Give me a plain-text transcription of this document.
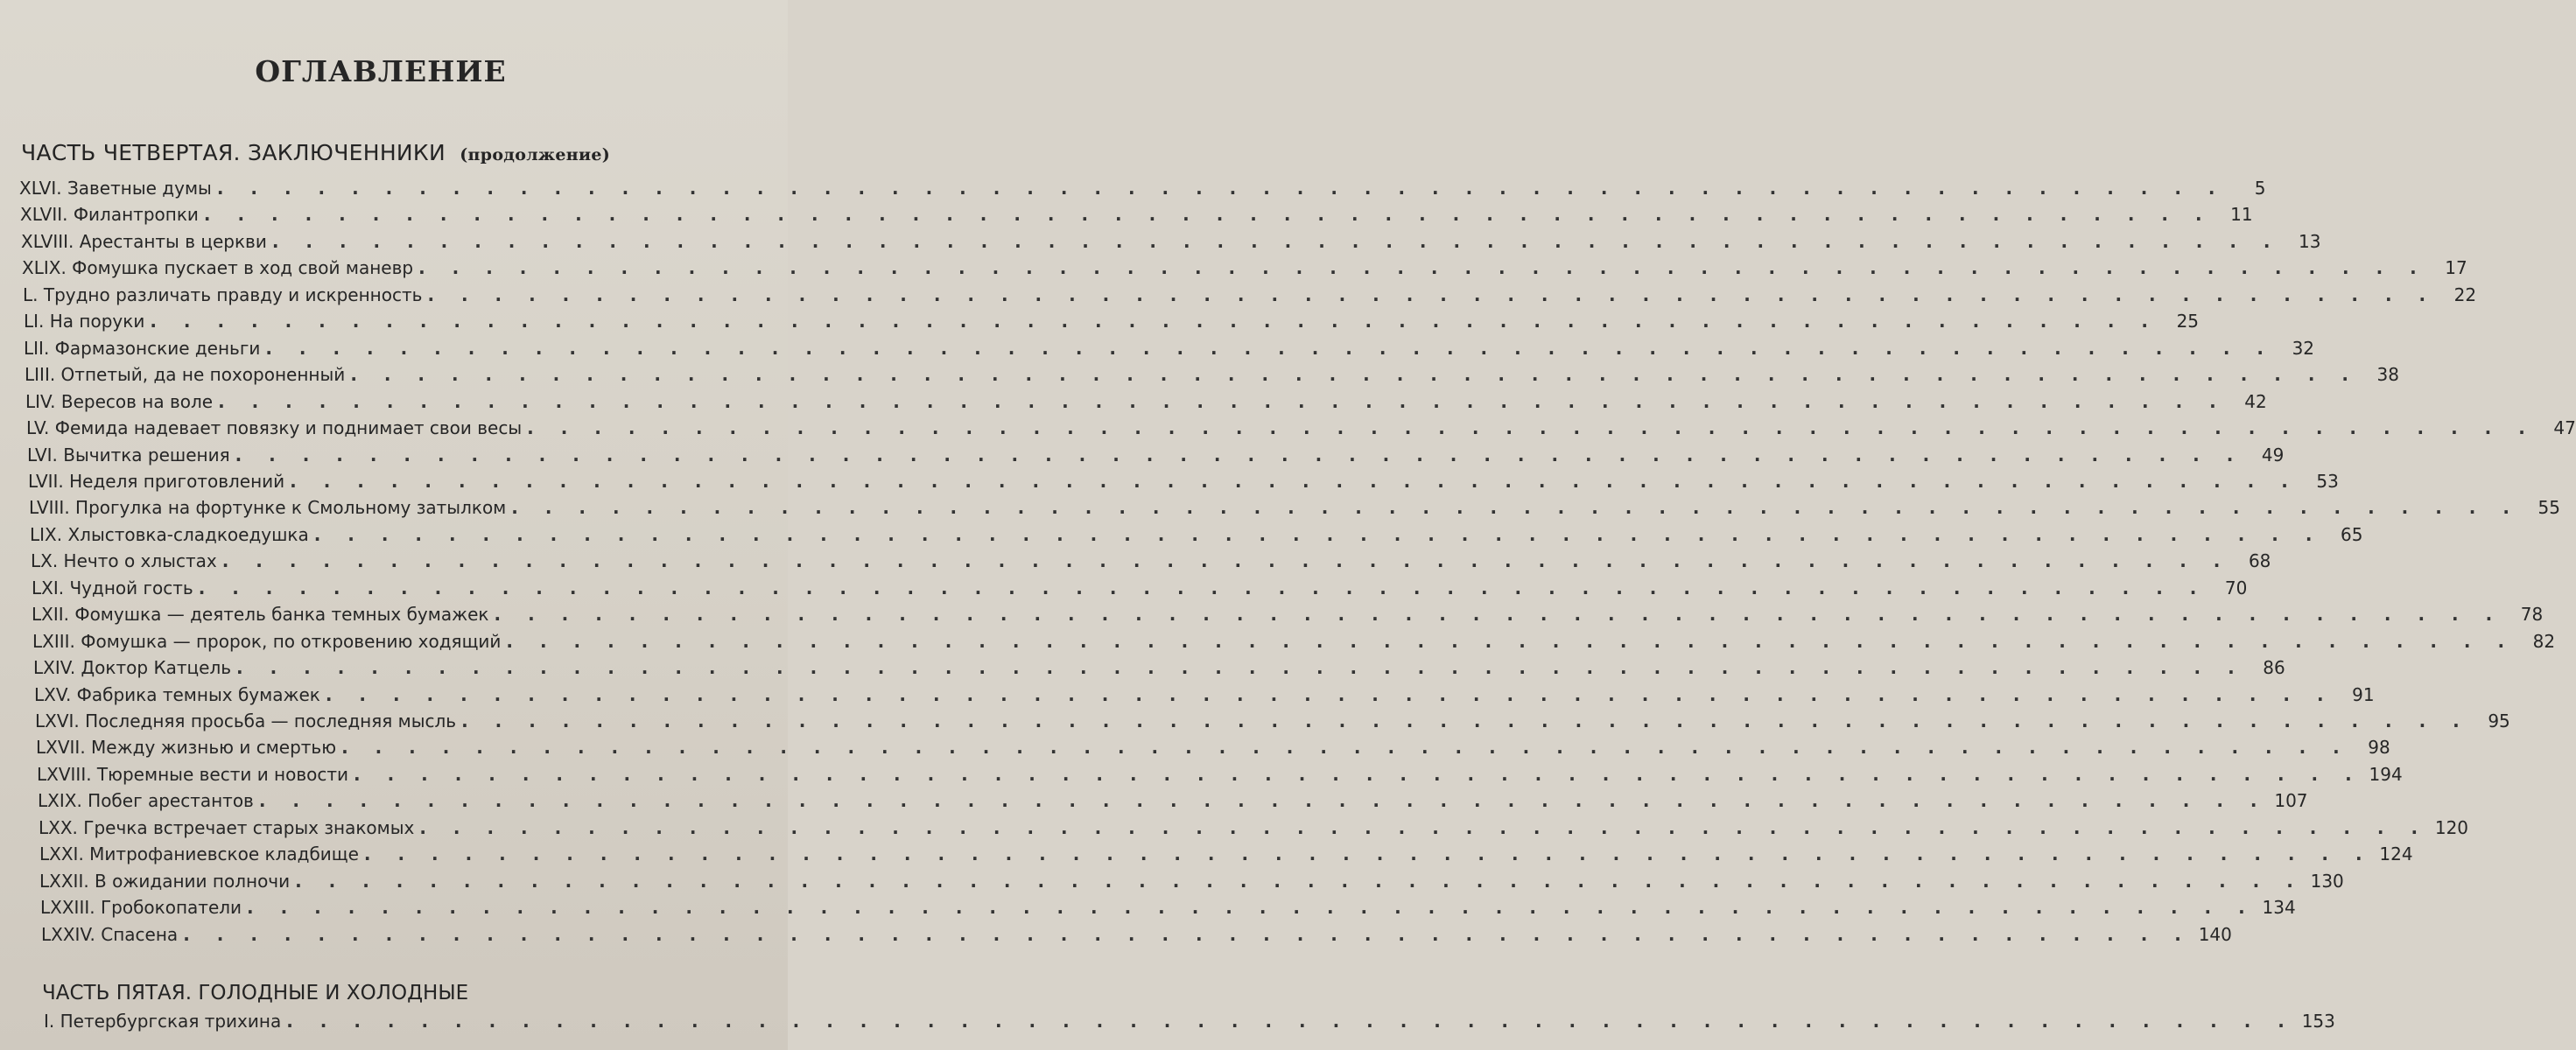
ОГЛАВЛЕНИЕ
ЧАСТЬ ЧЕТВЕРТАЯ. ЗАКЛЮЧЕННИКИ (продолжение)
XLVI. Заветные думы . . . . . . . . . . . . . . . . . . . . . . . . . . . . . . . . . . . . . . . . . . . . . . . . . . . . . . . . . . . .	5
XLVII. Филантропки . . . . . . . . . . . . . . . . . . . . . . . . . . . . . . . . . . . . . . . . . . . . . . . . . . . . . . . . . . . .	11
XLVIII. Арестанты в церкви . . . . . . . . . . . . . . . . . . . . . . . . . . . . . . . . . . . . . . . . . . . . . . . . . . . . . . . . . . . .	13
XLIX. Фомушка пускает в ход свой маневр . . . . . . . . . . . . . . . . . . . . . . . . . . . . . . . . . . . . . . . . . . . . . . . . . . . . . . . . . . . .	17
L. Трудно различать правду и искренность . . . . . . . . . . . . . . . . . . . . . . . . . . . . . . . . . . . . . . . . . . . . . . . . . . . . . . . . . . . .	22
LI. На поруки . . . . . . . . . . . . . . . . . . . . . . . . . . . . . . . . . . . . . . . . . . . . . . . . . . . . . . . . . . . .	25
LII. Фармазонские деньги . . . . . . . . . . . . . . . . . . . . . . . . . . . . . . . . . . . . . . . . . . . . . . . . . . . . . . . . . . . .	32
LIII. Отпетый, да не похороненный . . . . . . . . . . . . . . . . . . . . . . . . . . . . . . . . . . . . . . . . . . . . . . . . . . . . . . . . . . . .	38
LIV. Вересов на воле . . . . . . . . . . . . . . . . . . . . . . . . . . . . . . . . . . . . . . . . . . . . . . . . . . . . . . . . . . . .	42
LV. Фемида надевает повязку и поднимает свои весы . . . . . . . . . . . . . . . . . . . . . . . . . . . . . . . . . . . . . . . . . . . . . . . . . . . . . . . . . . . .	47
LVI. Вычитка решения . . . . . . . . . . . . . . . . . . . . . . . . . . . . . . . . . . . . . . . . . . . . . . . . . . . . . . . . . . . .	49
LVII. Неделя приготовлений . . . . . . . . . . . . . . . . . . . . . . . . . . . . . . . . . . . . . . . . . . . . . . . . . . . . . . . . . . . .	53
LVIII. Прогулка на фортунке к Смольному затылком . . . . . . . . . . . . . . . . . . . . . . . . . . . . . . . . . . . . . . . . . . . . . . . . . . . . . . . . . . . .	55
LIX. Хлыстовка-сладкоедушка . . . . . . . . . . . . . . . . . . . . . . . . . . . . . . . . . . . . . . . . . . . . . . . . . . . . . . . . . . . .	65
LX. Нечто о хлыстах . . . . . . . . . . . . . . . . . . . . . . . . . . . . . . . . . . . . . . . . . . . . . . . . . . . . . . . . . . . .	68
LXI. Чудной гость . . . . . . . . . . . . . . . . . . . . . . . . . . . . . . . . . . . . . . . . . . . . . . . . . . . . . . . . . . . .	70
LXII. Фомушка — деятель банка темных бумажек . . . . . . . . . . . . . . . . . . . . . . . . . . . . . . . . . . . . . . . . . . . . . . . . . . . . . . . . . . . .	78
LXIII. Фомушка — пророк, по откровению ходящий . . . . . . . . . . . . . . . . . . . . . . . . . . . . . . . . . . . . . . . . . . . . . . . . . . . . . . . . . . . .	82
LXIV. Доктор Катцель . . . . . . . . . . . . . . . . . . . . . . . . . . . . . . . . . . . . . . . . . . . . . . . . . . . . . . . . . . . .	86
LXV. Фабрика темных бумажек . . . . . . . . . . . . . . . . . . . . . . . . . . . . . . . . . . . . . . . . . . . . . . . . . . . . . . . . . . . .	91
LXVI. Последняя просьба — последняя мысль . . . . . . . . . . . . . . . . . . . . . . . . . . . . . . . . . . . . . . . . . . . . . . . . . . . . . . . . . . . .	95
LXVII. Между жизнью и смертью . . . . . . . . . . . . . . . . . . . . . . . . . . . . . . . . . . . . . . . . . . . . . . . . . . . . . . . . . . . .	98
LXVIII. Тюремные вести и новости . . . . . . . . . . . . . . . . . . . . . . . . . . . . . . . . . . . . . . . . . . . . . . . . . . . . . . . . . . . . 194
LXIX. Побег арестантов . . . . . . . . . . . . . . . . . . . . . . . . . . . . . . . . . . . . . . . . . . . . . . . . . . . . . . . . . . . . 107
LXX. Гречка встречает старых знакомых . . . . . . . . . . . . . . . . . . . . . . . . . . . . . . . . . . . . . . . . . . . . . . . . . . . . . . . . . . . . 120
LXXI. Митрофаниевское кладбище . . . . . . . . . . . . . . . . . . . . . . . . . . . . . . . . . . . . . . . . . . . . . . . . . . . . . . . . . . . . 124
LXXII. В ожидании полночи . . . . . . . . . . . . . . . . . . . . . . . . . . . . . . . . . . . . . . . . . . . . . . . . . . . . . . . . . . . . 130
LXXIII. Гробокопатели . . . . . . . . . . . . . . . . . . . . . . . . . . . . . . . . . . . . . . . . . . . . . . . . . . . . . . . . . . . . 134
LXXIV. Спасена . . . . . . . . . . . . . . . . . . . . . . . . . . . . . . . . . . . . . . . . . . . . . . . . . . . . . . . . . . . . 140
I. Петербургская трихина . . . . . . . . . . . . . . . . . . . . . . . . . . . . . . . . . . . . . . . . . . . . . . . . . . . . . . . . . . . . 153
ЧАСТЬ ПЯТАЯ. ГОЛОДНЫЕ И ХОЛОДНЫЕ
